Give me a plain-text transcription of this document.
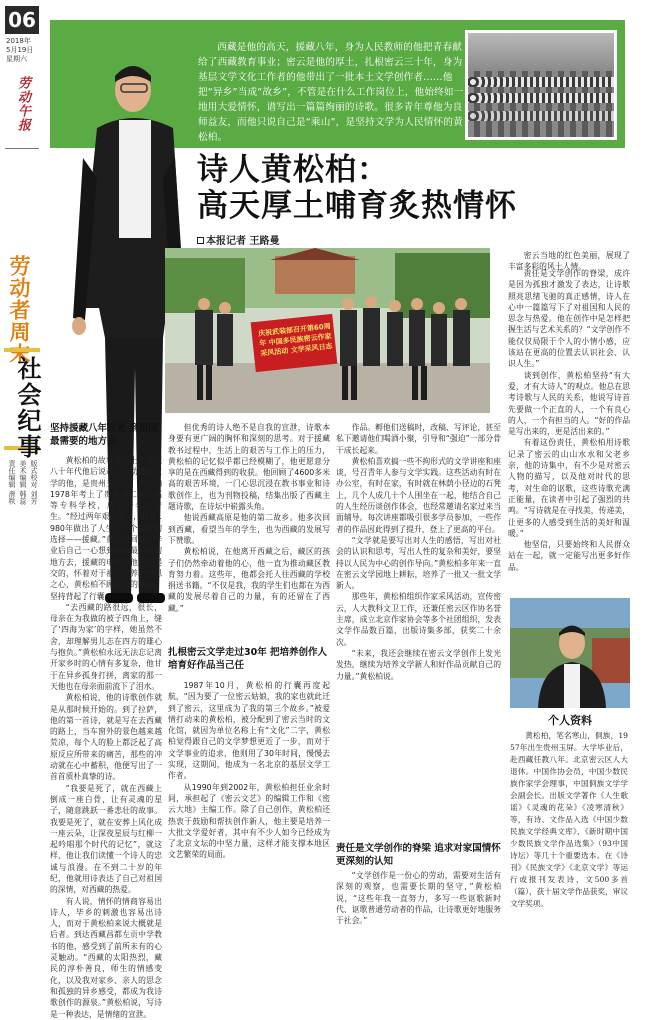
06
2018年
5月19日
星期六
劳动午报
劳动者周末
社会纪事
版式校对 刘芳
美术编辑 韩蕊
责任编辑 滑秩
西藏是他的高天，援藏八年，身为人民教师的他把青春献给了西藏教育事业；密云是他的厚土，扎根密云三十年，身为基层文学文化工作者的他带出了一批本土文学创作者……他把“异乡”当成“故乡”，不管是在什么工作岗位上，他始终如一地用大爱情怀，谱写出一篇篇绚丽的诗歌。很多青年尊他为良师益友，而他只说自己是“乘山”，是坚持文学为人民情怀的黄松柏。
诗人黄松柏：
高天厚土哺育炙热情怀
本报记者 王路曼
庆祝武装部召开第60周年 中国多民族密云作家采风活动 文学采风日志
坚持援藏八年时光 到祖国最需要的地方去

黄松柏的故事得从上个世纪八十年代他后说起，自幼酷爱文学的他，是贵州玉屏人。黄松柏1978年考上了贵州铜仁师范高等专科学校，成为一名大专生。“经过两年艰苦学习，我在1980年做出了人生中一个重要的选择——援藏。”黄松柏回忆，毕业后自己一心想到祖国最需要的地方去，援藏的申请是他主动递交的，怀着对于祖国培养的感恩之心，黄松柏不顾家人的顾虑，坚持背起了行囊。

“去西藏的路很远，很长，母亲在为我做的被子四角上，缝了‘四海为家’的字样，她虽然不舍，却理解男儿志在四方的雄心与抱负。”黄松柏永远无法忘记离开家乡时的心情有多复杂，他甘于在异乡孤身打拼，离家的那一天他也在母亲面前流下了泪水。

黄松柏说，他的诗歌创作就是从那时候开始的。到了拉萨，他的第一首诗，就是写在去西藏的路上，当车窗外的景色越来越荒凉，每个人的脸上都泛起了高原反应所带来的痛苦，那些的冲动就在心中蓄积，他便写出了一首首质朴真挚的诗。

“我要是死了，就在西藏上倒成一座白骨，让有灵魂的星子，随意跳跃一番悲壮的故事。我要是死了，就在安葬上风化成一座云朵，让深夜星辰与红柳一起吟唱那个时代的记忆”，就这样，他让我们读懂一个诗人的忠诚与浪漫。在不到二十岁的年纪，他就用诗表达了自己对祖国的深情，对西藏的热爱。

有人说，情怀的情商容易出诗人，毕乡的刺激也容易出诗人，而对于黄松柏来说大概就是后者。到达西藏昌都左贡中学教书的他，感受到了前所未有的心灵触动。“西藏的太阳热烈，藏民的淳朴善良，师生的情感变化，以及我对家乡、亲人的思念和孤独的异乡感受，都成为我诗歌创作的源泉。”黄松柏说，写诗是一种表达，是情绪的宣泄。

但优秀的诗人绝不是自我的宣泄，诗歌本身要有更广阔的胸怀和深刻的思考。对于援藏教书过程中，生活上的艰苦与工作上的压力，黄松柏的记忆似乎都已经模糊了，他更愿意分享的是在西藏得到的收获。他回顾了4600多米高的艰苦环境，一门心思沉浸在教书事业和诗歌创作上，也为刊物投稿，结集出版了西藏主题诗歌，在诗坛中崭露头角。

他说西藏高原是他的第二故乡。他多次回到西藏，看望当年的学生，也为西藏的发展写下赞歌。

黄松柏说，在他离开西藏之后，藏区的孩子们仍然牵动着他的心，他一直为推动藏区教育努力着。这些年，他都会托人往西藏的学校捐送书籍。“不仅是我，我的学生们也都在为西藏的发展尽着自己的力量，有的还留在了西藏。”

扎根密云文学走过30年 把培养创作人培育好作品当己任

1987年10月，黄松柏的行囊再度起航，“因为要了一位密云姑娘，我的家也就此迁到了密云，这里成为了我的第三个故乡。”被爱情打动来的黄松柏，被分配到了密云当时的文化馆，就因为单位名称上有“文化”二字，黄松柏觉得跟自己的文学梦想更近了一步，而对于文学事业的追求，他则用了30年时间，慢慢去实现，这期间，他成为一名北京的基层文学工作者。

从1990年到2002年，黄松柏担任业余时间，承担起了《密云文艺》的编辑工作和《密云大地》主编工作。除了自己创作，黄松柏还热衷于鼓励和帮扶创作新人，他主要是培养一大批文学爱好者，其中有不少人如今已经成为了北京文坛的中坚力量，这样才能支撑本地区文艺繁荣的局面。

作品。孵他们送稿时，改稿、写评论，甚至私下邀请他们喝酒小聚，引导和“强迫”一部分骨干成长起来。

黄松柏喜欢搞一些不拘形式的文学讲座和座谈，号召青年人参与文学实践。这些活动有时在办公室，有时在家，有时就在林荫小径边的石凳上，几个人成几十个人围坐在一起，他结合自己的人生经历谈创作体会，也经常邀请名家过来当面辅导。每次讲座都吸引很多学员参加，一些作者的作品因此得到了提升，登上了更高的平台。

“文学就是要写出对人生的感悟，写出对社会的认识和思考，写出人性的复杂和美好，要坚持以人民为中心的创作导向。”黄松柏多年来一直在密云文学园地上耕耘，培养了一批又一批文学新人。

那些年，黄松柏组织作家采风活动，宣传密云，人大教科文卫工作，还兼任密云区作协名誉主席，成立北京作家协会等多个社团组织，发表文学作品数百篇，出版诗集多部，获奖二十余次。

“未来，我还会继续在密云文学创作上发光发热，继续为培养文学新人和好作品贡献自己的力量。”黄松柏说。

密云当地的红色美丽，展现了丰富多彩的风土人情。

责任是文学创作的脊梁，成许是因为孤独才激发了表达，让诗歌照亮思绪飞驰的真正感情，诗人在心中一篇篇写下了对祖国和人民的思念与热爱。他在创作中是怎样把握生活与艺术关系的？“文学创作不能仅仅局限于个人的小情小感，应该站在更高的位置去认识社会、认识人生。”

谈到创作，黄松柏坚持“有大爱，才有大诗人”的观点。他总在思考诗歌与人民的关系，他说写诗首先要做一个正直的人，一个有良心的人，一个有担当的人。“好的作品是写出来的，更是活出来的。”

有着这份责任，黄松柏用诗歌记录了密云的山山水水和父老乡亲，他的诗集中，有不少是对密云人物的描写，以及他对时代的思考，对生命的讴歌，这些诗歌充满正能量，在读者中引起了强烈的共鸣。“写诗就是在寻找美，传递美，让更多的人感受到生活的美好和温暖。”

他坚信，只要始终和人民群众站在一起，就一定能写出更多好作品。

责任是文学创作的脊梁 追求对家国情怀更深刻的认知

“文学创作是一份心的劳动，需要对生活有深刻的观察，也需要长期的坚守，”黄松柏说，“这些年我一直努力，多写一些讴歌新时代、讴歌普通劳动者的作品，让诗歌更好地服务于社会。”

个人资料
黄松柏，笔名寒山，侗族，1957年出生贵州玉屏。大学毕业后，赴西藏任教八年。北京密云区人大退休。中国作协会员，中国少数民族作家学会理事，中国侗族文学学会副会长。出版文学著作《人生歌谣》《灵魂的花朵》《凌寒清秋》等，有诗、文作品入选《中国少数民族文学经典文库》、《新时期中国少数民族文学作品选集》（93中国诗坛）等几十个重要选本。在《诗刊》《民族文学》《北京文学》等运行或报刊发表诗、文500多首（篇），获十届文学作品获奖，审议文学奖项。
